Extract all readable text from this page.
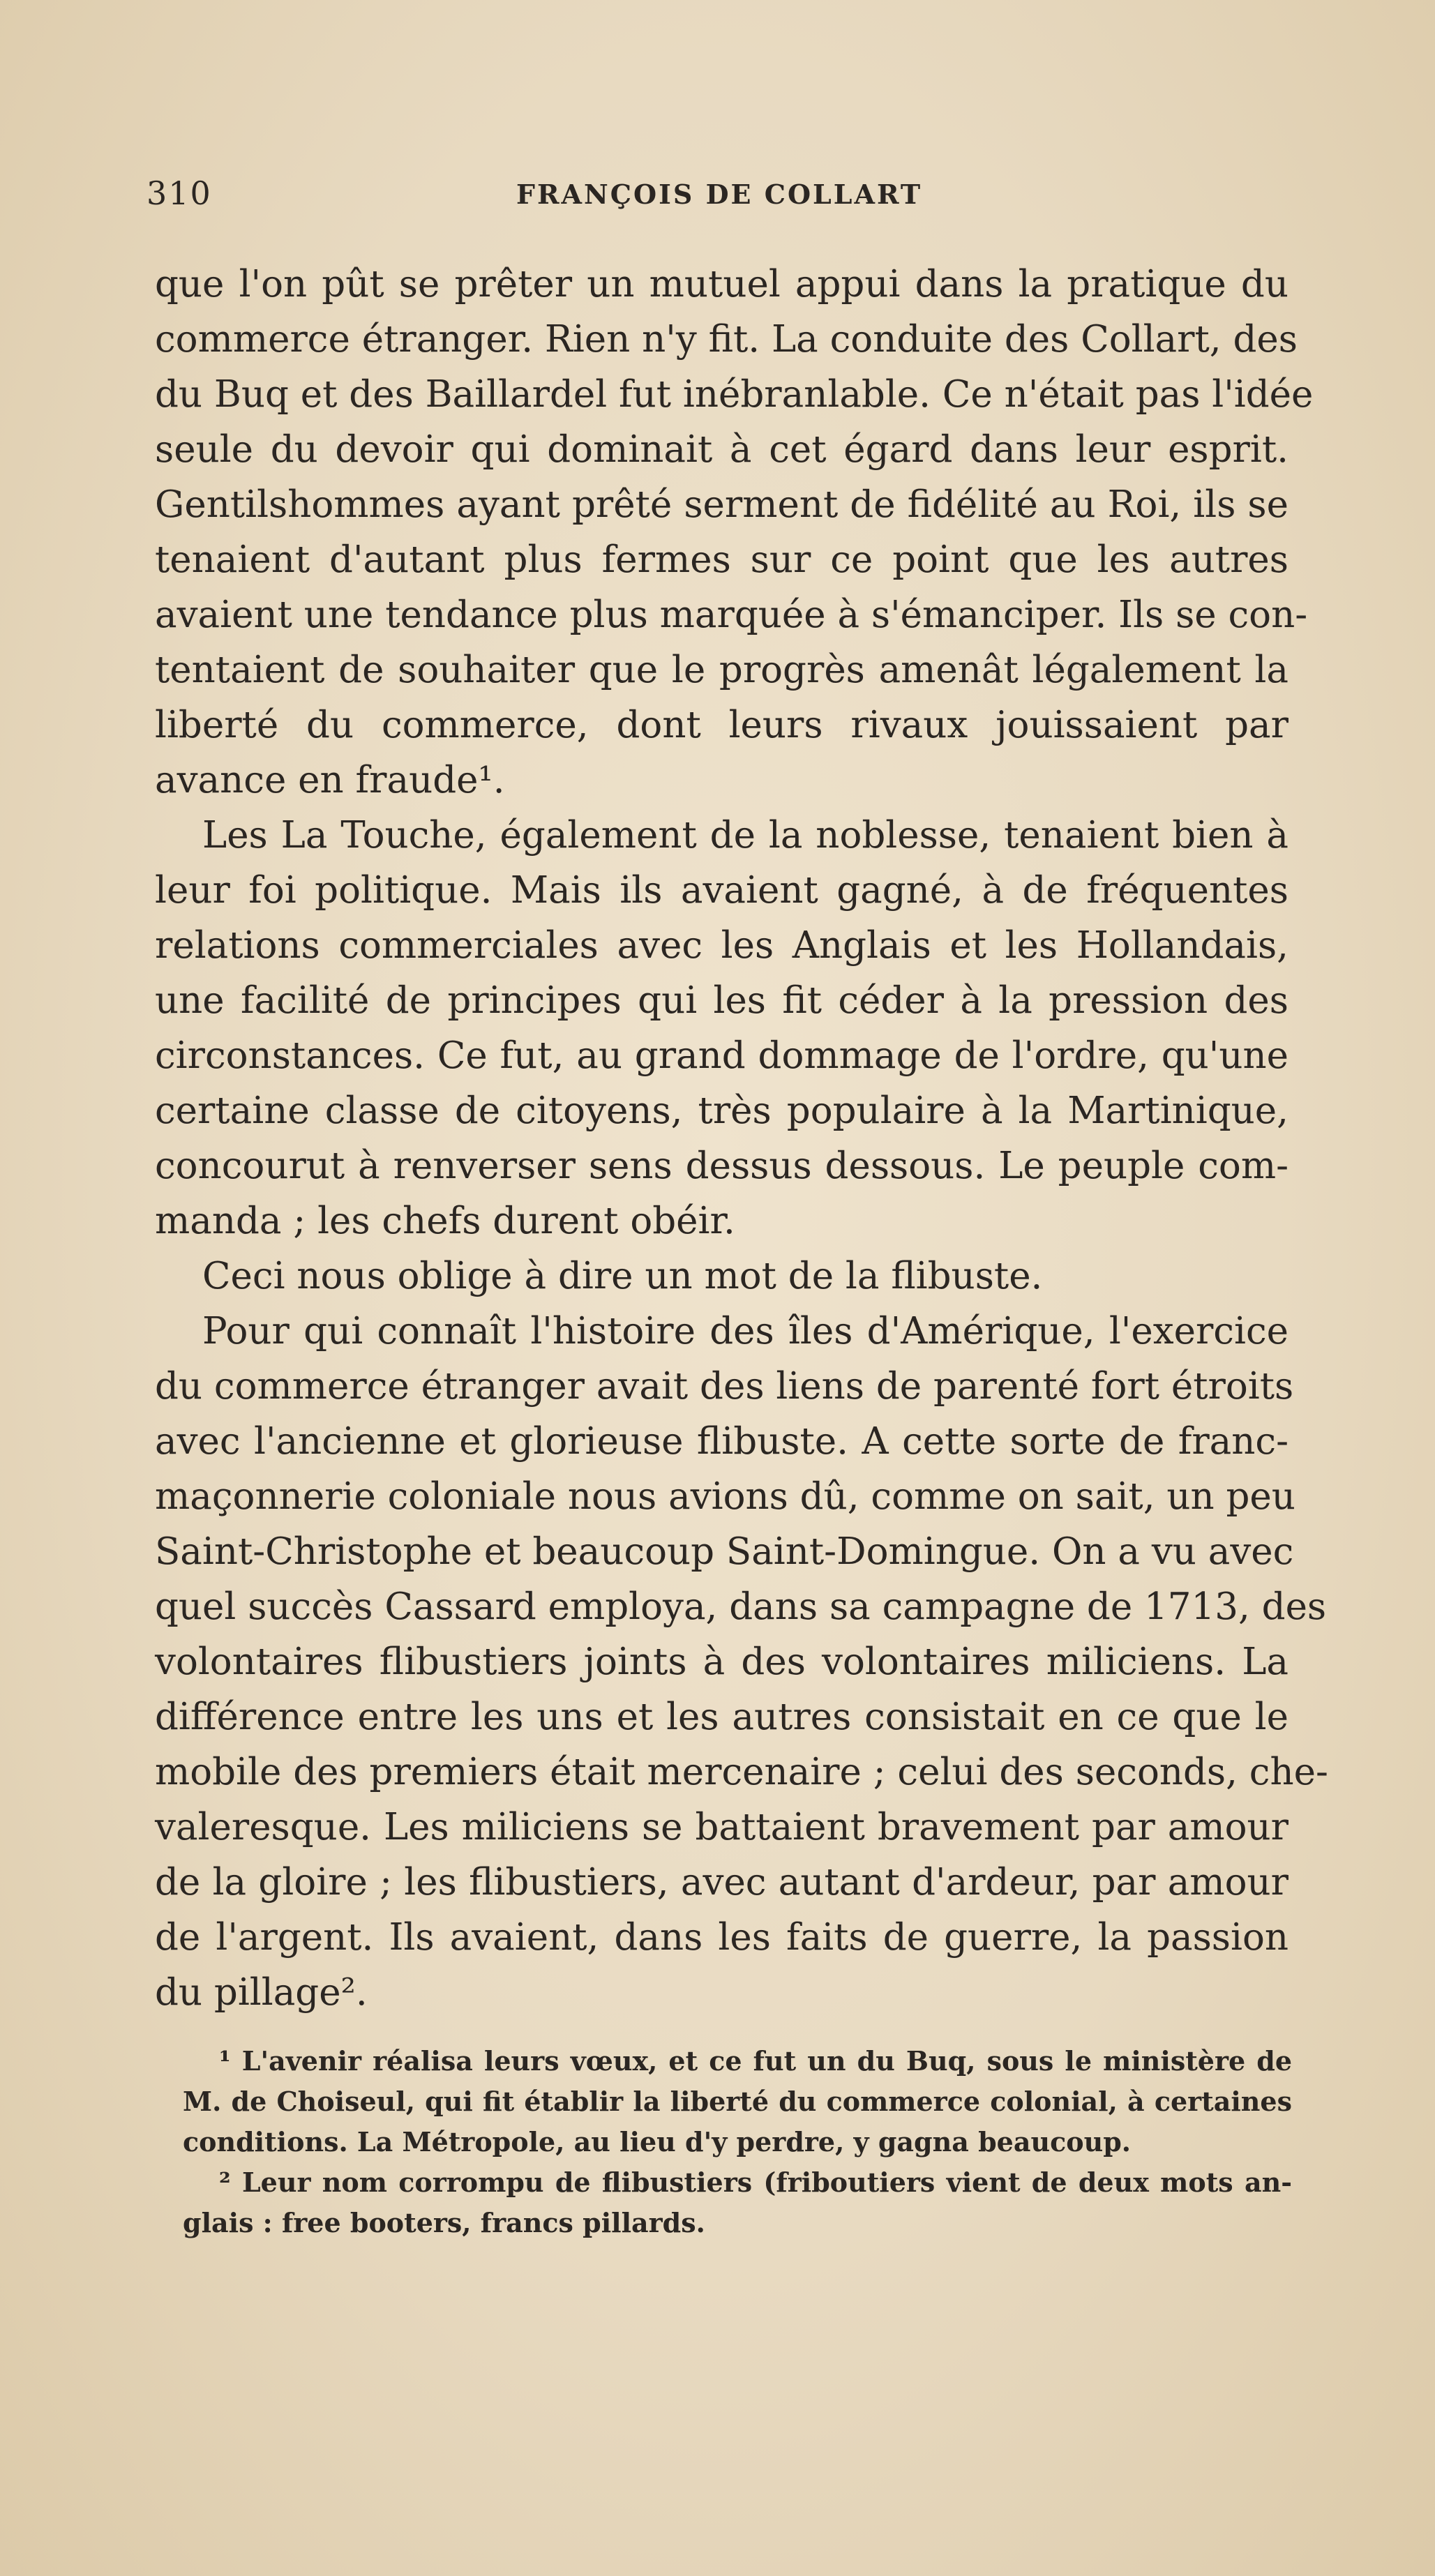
310	FRANÇOIS DE COLLART
que l'on pût se prêter un mutuel appui dans la pratique du
commerce étranger. Rien n'y fit. La conduite des Collart, des
du Buq et des Baillardel fut inébranlable. Ce n'était pas l'idée
seule du devoir qui dominait à cet égard dans leur esprit.
Gentilshommes ayant prêté serment de fidélité au Roi, ils se
tenaient d'autant plus fermes sur ce point que les autres
avaient une tendance plus marquée à s'émanciper. Ils se con-
tentaient de souhaiter que le progrès amenât légalement la
liberté du commerce, dont leurs rivaux jouissaient par
avance en fraude¹.
Les La Touche, également de la noblesse, tenaient bien à
leur foi politique. Mais ils avaient gagné, à de fréquentes
relations commerciales avec les Anglais et les Hollandais,
une facilité de principes qui les fit céder à la pression des
circonstances. Ce fut, au grand dommage de l'ordre, qu'une
certaine classe de citoyens, très populaire à la Martinique,
concourut à renverser sens dessus dessous. Le peuple com-
manda ; les chefs durent obéir.
Ceci nous oblige à dire un mot de la flibuste.
Pour qui connaît l'histoire des îles d'Amérique, l'exercice
du commerce étranger avait des liens de parenté fort étroits
avec l'ancienne et glorieuse flibuste. A cette sorte de franc-
maçonnerie coloniale nous avions dû, comme on sait, un peu
Saint-Christophe et beaucoup Saint-Domingue. On a vu avec
quel succès Cassard employa, dans sa campagne de 1713, des
volontaires flibustiers joints à des volontaires miliciens. La
différence entre les uns et les autres consistait en ce que le
mobile des premiers était mercenaire ; celui des seconds, che-
valeresque. Les miliciens se battaient bravement par amour
de la gloire ; les flibustiers, avec autant d'ardeur, par amour
de l'argent. Ils avaient, dans les faits de guerre, la passion
du pillage².
¹ L'avenir réalisa leurs vœux, et ce fut un du Buq, sous le ministère de
M. de Choiseul, qui fit établir la liberté du commerce colonial, à certaines
conditions. La Métropole, au lieu d'y perdre, y gagna beaucoup.
² Leur nom corrompu de flibustiers (friboutiers vient de deux mots an-
glais : free booters, francs pillards.
